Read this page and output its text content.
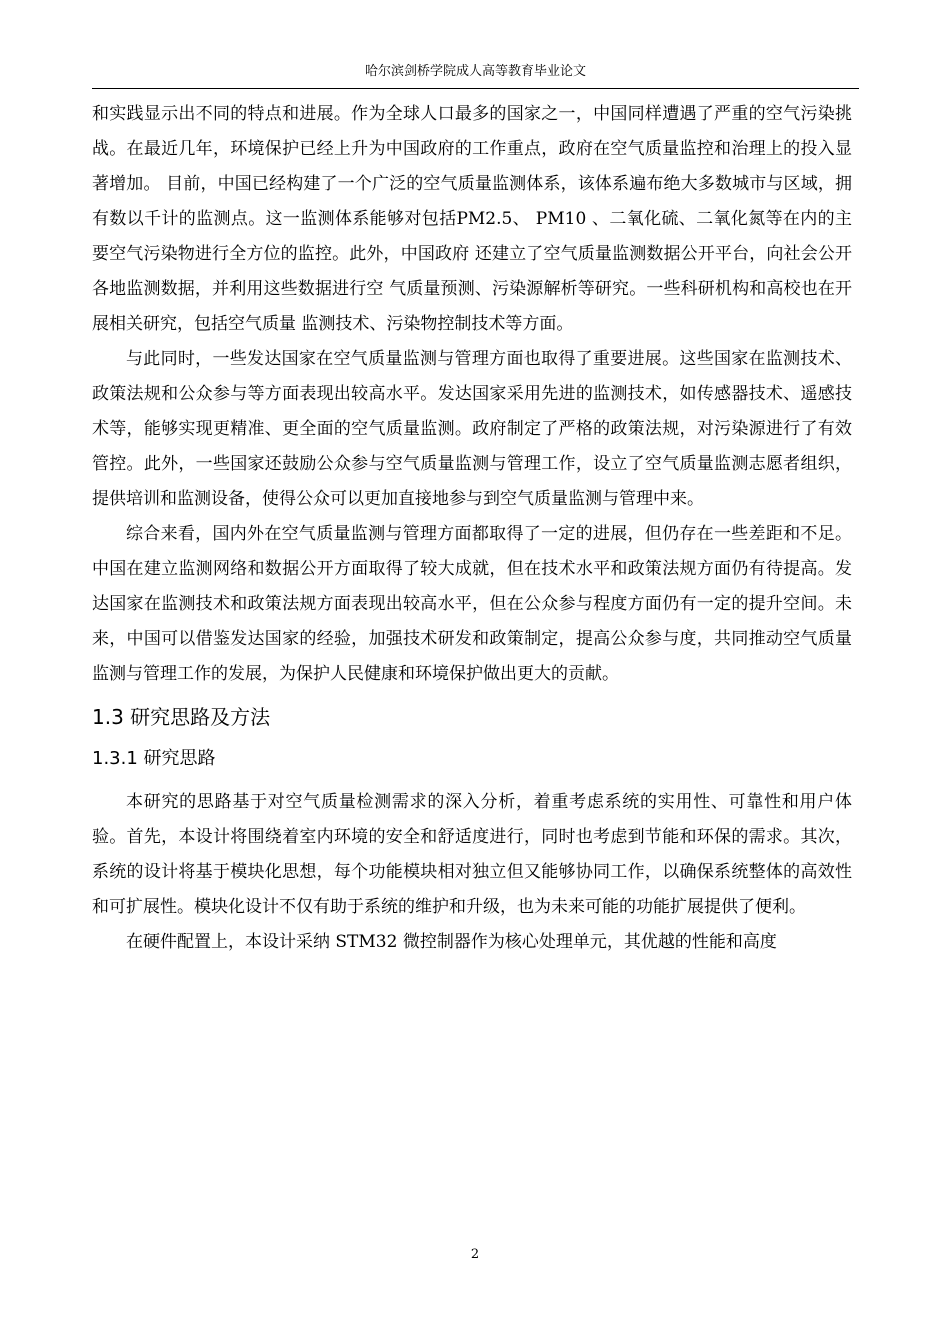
哈尔滨剑桥学院成人高等教育毕业论文

和实践显示出不同的特点和进展。作为全球人口最多的国家之一，中国同样遭遇了严重的空气污染挑战。在最近几年，环境保护已经上升为中国政府的工作重点，政府在空气质量监控和治理上的投入显著增加。 目前，中国已经构建了一个广泛的空气质量监测体系，该体系遍布绝大多数城市与区域，拥有数以千计的监测点。这一监测体系能够对包括PM2.5、 PM10 、二氧化硫、二氧化氮等在内的主要空气污染物进行全方位的监控。此外，中国政府 还建立了空气质量监测数据公开平台，向社会公开各地监测数据，并利用这些数据进行空 气质量预测、污染源解析等研究。一些科研机构和高校也在开展相关研究，包括空气质量 监测技术、污染物控制技术等方面。

与此同时，一些发达国家在空气质量监测与管理方面也取得了重要进展。这些国家在监测技术、政策法规和公众参与等方面表现出较高水平。发达国家采用先进的监测技术，如传感器技术、遥感技术等，能够实现更精准、更全面的空气质量监测。政府制定了严格的政策法规，对污染源进行了有效管控。此外，一些国家还鼓励公众参与空气质量监测与管理工作，设立了空气质量监测志愿者组织，提供培训和监测设备，使得公众可以更加直接地参与到空气质量监测与管理中来。

综合来看，国内外在空气质量监测与管理方面都取得了一定的进展，但仍存在一些差距和不足。中国在建立监测网络和数据公开方面取得了较大成就，但在技术水平和政策法规方面仍有待提高。发达国家在监测技术和政策法规方面表现出较高水平，但在公众参与程度方面仍有一定的提升空间。未来，中国可以借鉴发达国家的经验，加强技术研发和政策制定，提高公众参与度，共同推动空气质量监测与管理工作的发展，为保护人民健康和环境保护做出更大的贡献。

1.3 研究思路及方法
1.3.1 研究思路

本研究的思路基于对空气质量检测需求的深入分析，着重考虑系统的实用性、可靠性和用户体验。首先，本设计将围绕着室内环境的安全和舒适度进行，同时也考虑到节能和环保的需求。其次，系统的设计将基于模块化思想，每个功能模块相对独立但又能够协同工作，以确保系统整体的高效性和可扩展性。模块化设计不仅有助于系统的维护和升级，也为未来可能的功能扩展提供了便利。

在硬件配置上，本设计采纳 STM32 微控制器作为核心处理单元，其优越的性能和高度

2
